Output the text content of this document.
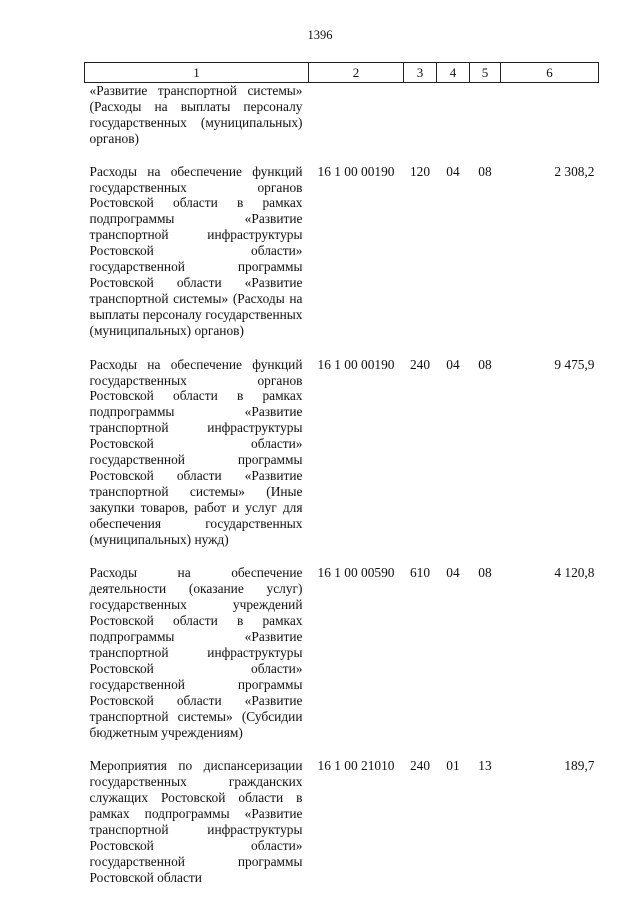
1396
1	2	3	4	5	6
«Развитие транспортной системы» (Расходы на выплаты персоналу государственных (муниципальных) органов)					
Расходы на обеспечение функций государственных органов Ростовской области в рамках подпрограммы «Развитие транспортной инфраструктуры Ростовской области» государственной программы Ростовской области «Развитие транспортной системы» (Расходы на выплаты персоналу государственных (муниципальных) органов)	16 1 00 00190	120	04	08	2 308,2
Расходы на обеспечение функций государственных органов Ростовской области в рамках подпрограммы «Развитие транспортной инфраструктуры Ростовской области» государственной программы Ростовской области «Развитие транспортной системы» (Иные закупки товаров, работ и услуг для обеспечения государственных (муниципальных) нужд)	16 1 00 00190	240	04	08	9 475,9
Расходы на обеспечение деятельности (оказание услуг) государственных учреждений Ростовской области в рамках подпрограммы «Развитие транспортной инфраструктуры Ростовской области» государственной программы Ростовской области «Развитие транспортной системы» (Субсидии бюджетным учреждениям)	16 1 00 00590	610	04	08	4 120,8
Мероприятия по диспансеризации государственных гражданских служащих Ростовской области в рамках подпрограммы «Развитие транспортной инфраструктуры Ростовской области» государственной программы Ростовской области	16 1 00 21010	240	01	13	189,7
